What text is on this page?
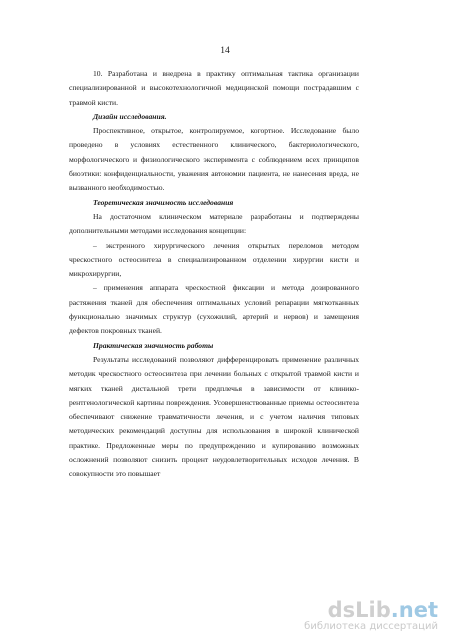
14

10. Разработана и внедрена в практику оптимальная тактика организации специализированной и высокотехнологичной медицинской помощи пострадавшим с травмой кисти.

Дизайн исследования.

Проспективное, открытое, контролируемое, когортное. Исследование было проведено в условиях естественного клинического, бактериологического, морфологического и физиологического эксперимента с соблюдением всех принципов биоэтики: конфиденциальности, уважения автономии пациента, не нанесения вреда, не вызванного необходимостью.

Теоретическая значимость исследования

На достаточном клиническом материале разработаны и подтверждены дополнительными методами исследования концепции:

– экстренного хирургического лечения открытых переломов методом чрескостного остеосинтеза в специализированном отделении хирургии кисти и микрохирургии,

– применения аппарата чрескостной фиксации и метода дозированного растяжения тканей для обеспечения оптимальных условий репарации мягкотканных функционально значимых структур (сухожилий, артерий и нервов) и замещения дефектов покровных тканей.

Практическая значимость работы

Результаты исследований позволяют дифференцировать применение различных методик чрескостного остеосинтеза при лечении больных с открытой травмой кисти и мягких тканей дистальной трети предплечья в зависимости от клинико-рентгенологической картины повреждения. Усовершенствованные приемы остеосинтеза обеспечивают снижение травматичности лечения, и с учетом наличия типовых методических рекомендаций доступны для использования в широкой клинической практике. Предложенные меры по предупреждению и купированию возможных осложнений позволяют снизить процент неудовлетворительных исходов лечения. В совокупности это повышает

dsLib.net
библиотека диссертаций
